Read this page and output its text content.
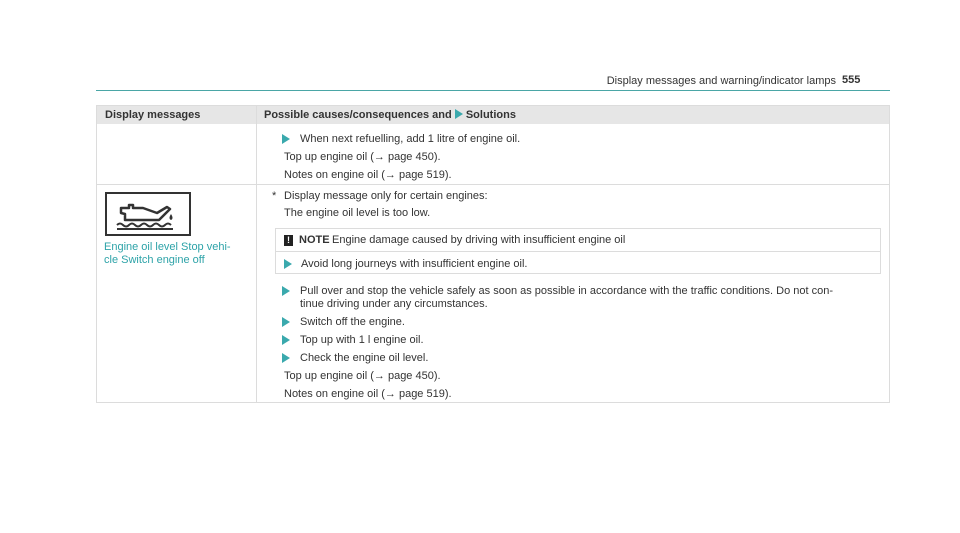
Display messages and warning/indicator lamps 555
Display messages	Possible causes/consequences and Solutions
When next refuelling, add 1 litre of engine oil.
Top up engine oil (→ page 450).
Notes on engine oil (→ page 519).
Engine oil level Stop vehi-
cle Switch engine off
* Display message only for certain engines:
The engine oil level is too low.
! NOTE Engine damage caused by driving with insufficient engine oil
Avoid long journeys with insufficient engine oil.
Pull over and stop the vehicle safely as soon as possible in accordance with the traffic conditions. Do not con-
tinue driving under any circumstances.
Switch off the engine.
Top up with 1 l engine oil.
Check the engine oil level.
Top up engine oil (→ page 450).
Notes on engine oil (→ page 519).
